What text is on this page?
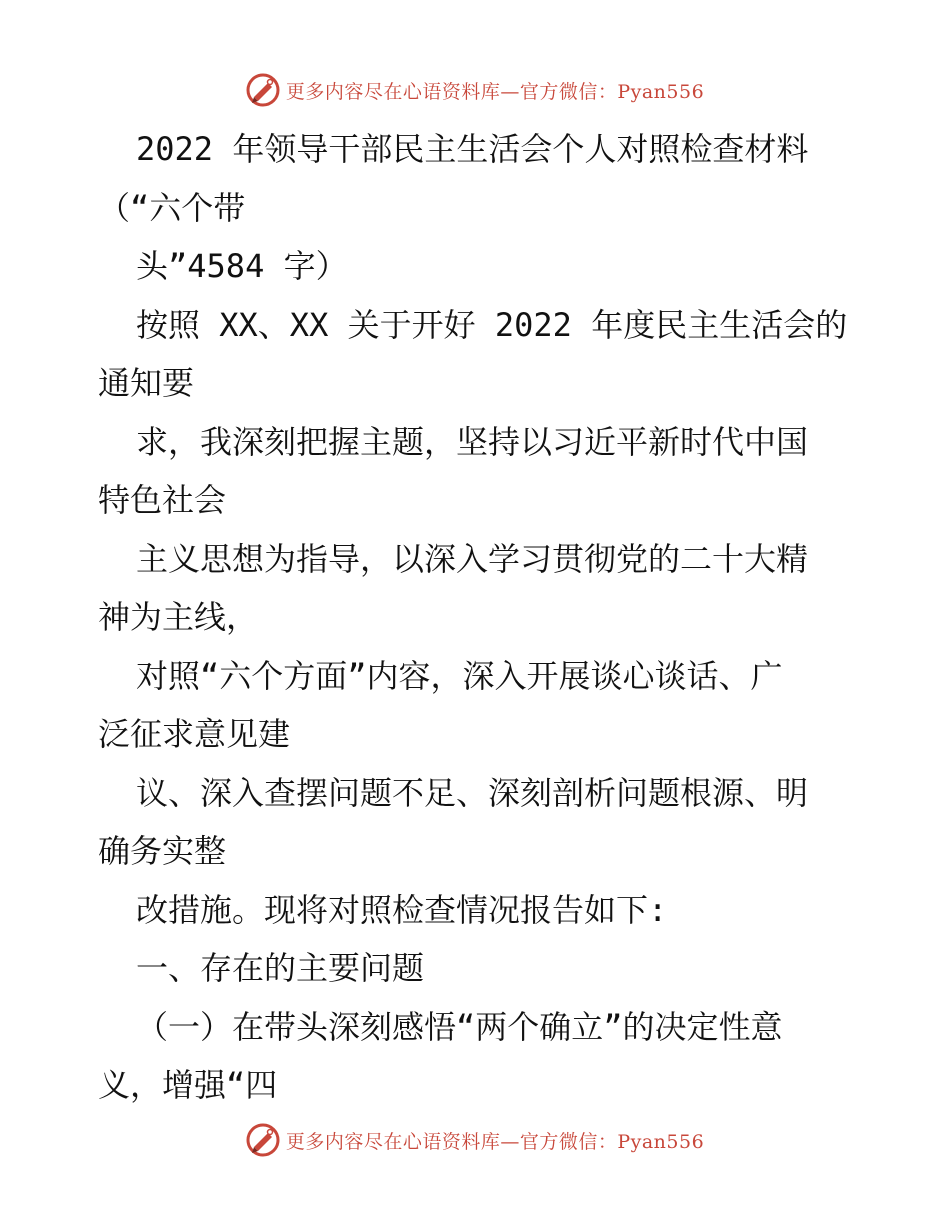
更多内容尽在心语资料库—官方微信：Pyan556
2022 年领导干部民主生活会个人对照检查材料
（“六个带
头”4584 字）
按照 XX、XX 关于开好 2022 年度民主生活会的
通知要
求，我深刻把握主题，坚持以习近平新时代中国
特色社会
主义思想为指导，以深入学习贯彻党的二十大精
神为主线，
对照“六个方面”内容，深入开展谈心谈话、广
泛征求意见建
议、深入查摆问题不足、深刻剖析问题根源、明
确务实整
改措施。现将对照检查情况报告如下:
一、存在的主要问题
（一）在带头深刻感悟“两个确立”的决定性意
义，增强“四
更多内容尽在心语资料库—官方微信：Pyan556
